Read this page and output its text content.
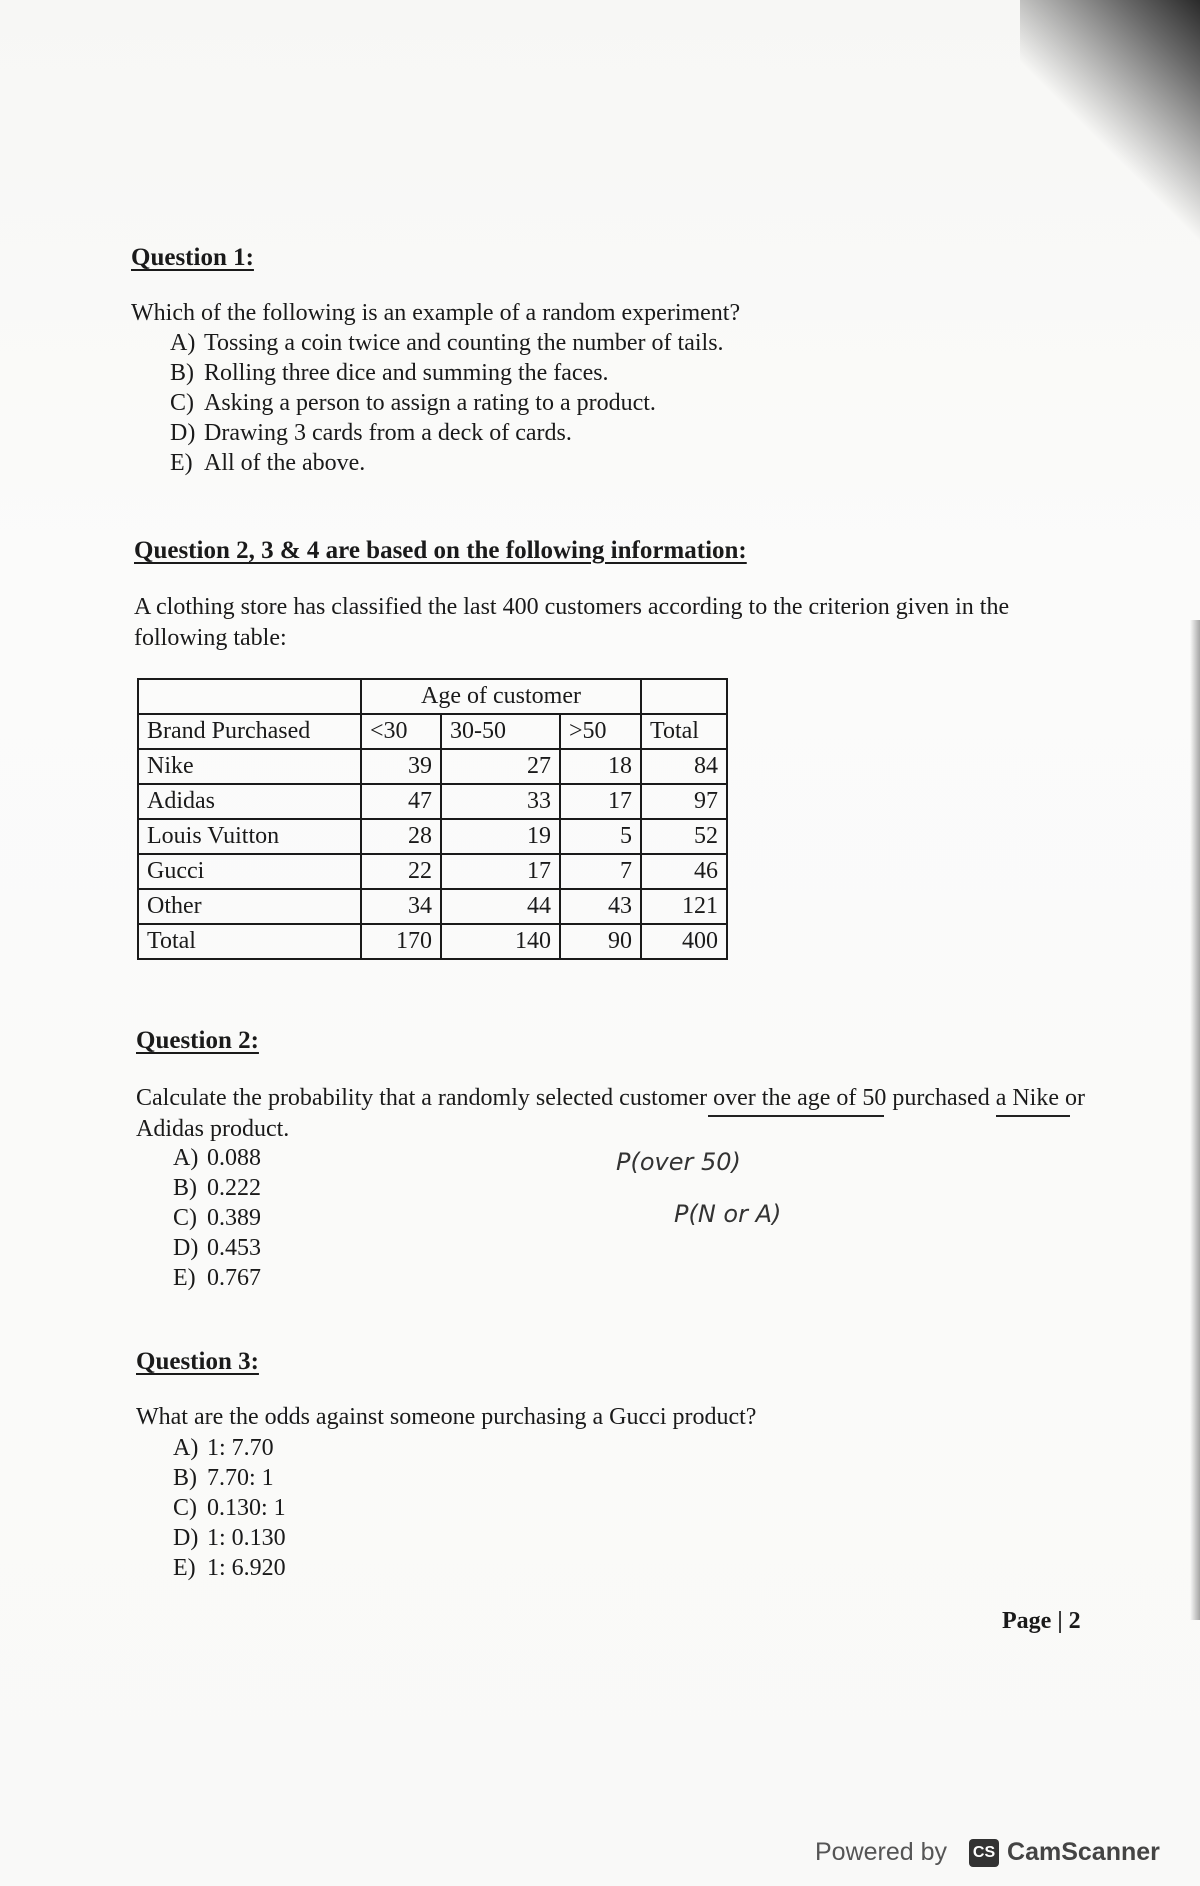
Question 1:
Which of the following is an example of a random experiment?
A) Tossing a coin twice and counting the number of tails.
B) Rolling three dice and summing the faces.
C) Asking a person to assign a rating to a product.
D) Drawing 3 cards from a deck of cards.
E) All of the above.
Question 2, 3 & 4 are based on the following information:
A clothing store has classified the last 400 customers according to the criterion given in the following table:
	Age of customer			
Brand Purchased	<30	30-50	>50	Total
Nike	39	27	18	84
Adidas	47	33	17	97
Louis Vuitton	28	19	5	52
Gucci	22	17	7	46
Other	34	44	43	121
Total	170	140	90	400
Question 2:
Calculate the probability that a randomly selected customer over the age of 50 purchased a Nike or Adidas product.
A) 0.088
B) 0.222
C) 0.389
D) 0.453
E) 0.767
P(over 50)
P(N or A)
Question 3:
What are the odds against someone purchasing a Gucci product?
A) 1: 7.70
B) 7.70: 1
C) 0.130: 1
D) 1: 0.130
E) 1: 6.920
Page | 2
Powered by CS CamScanner
